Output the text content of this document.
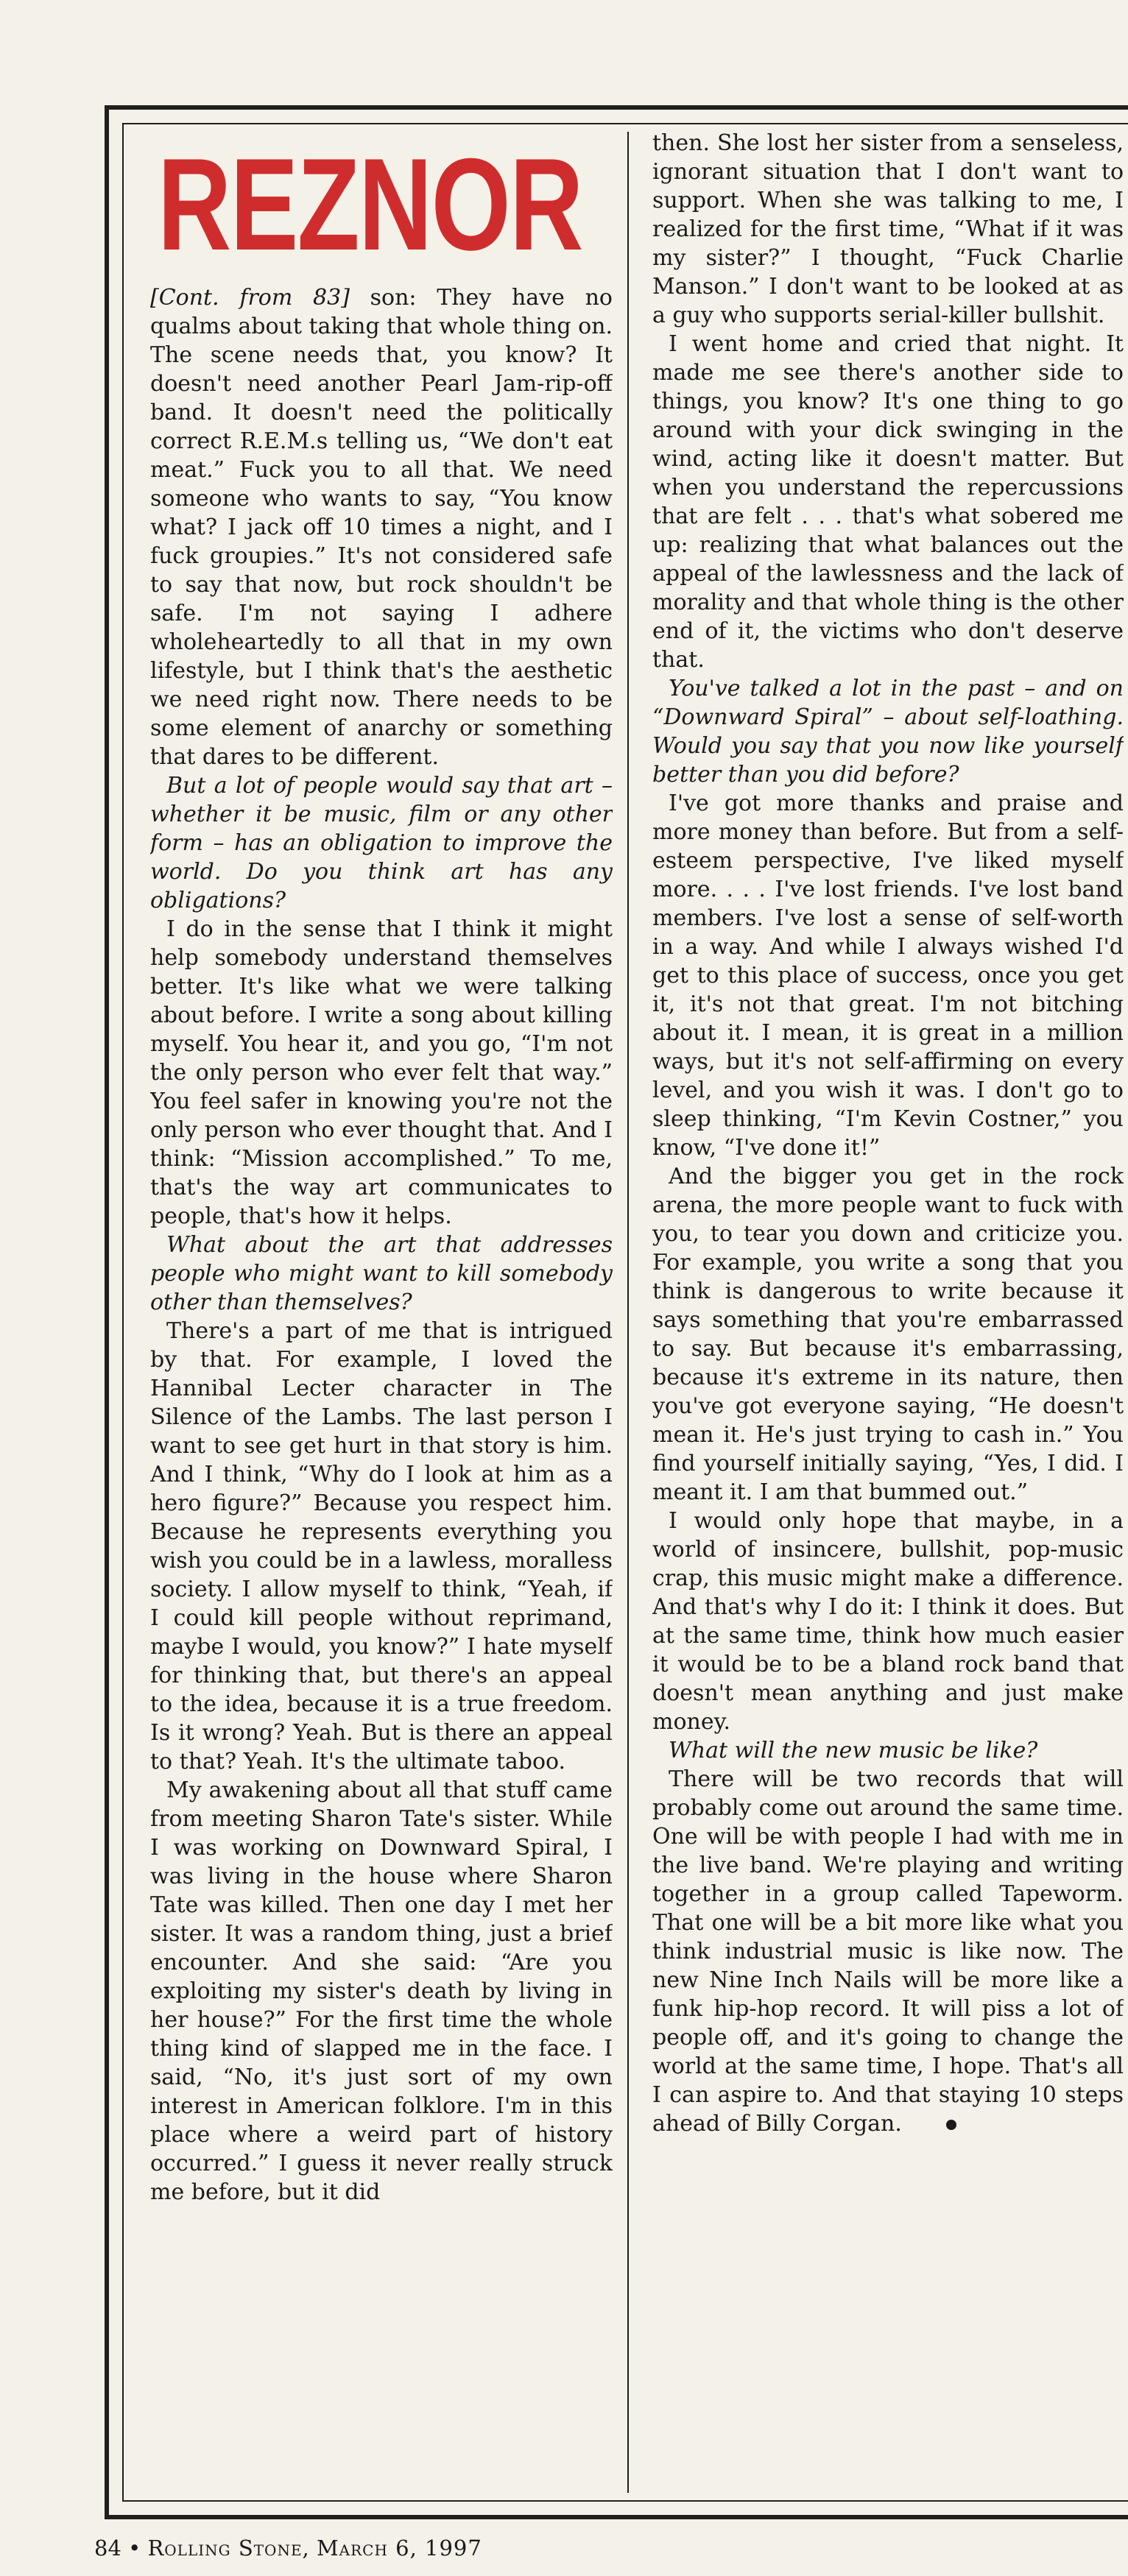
REZNOR

[Cont. from 83] son: They have no qualms about taking that whole thing on. The scene needs that, you know? It doesn't need another Pearl Jam-rip-off band. It doesn't need the politically correct R.E.M.s telling us, “We don't eat meat.” Fuck you to all that. We need someone who wants to say, “You know what? I jack off 10 times a night, and I fuck groupies.” It's not considered safe to say that now, but rock shouldn't be safe. I'm not saying I adhere wholeheartedly to all that in my own lifestyle, but I think that's the aesthetic we need right now. There needs to be some element of anarchy or something that dares to be different.

But a lot of people would say that art – whether it be music, film or any other form – has an obligation to improve the world. Do you think art has any obligations?

I do in the sense that I think it might help somebody understand themselves better. It's like what we were talking about before. I write a song about killing myself. You hear it, and you go, “I'm not the only person who ever felt that way.” You feel safer in knowing you're not the only person who ever thought that. And I think: “Mission accomplished.” To me, that's the way art communicates to people, that's how it helps.

What about the art that addresses people who might want to kill somebody other than themselves?

There's a part of me that is intrigued by that. For example, I loved the Hannibal Lecter character in The Silence of the Lambs. The last person I want to see get hurt in that story is him. And I think, “Why do I look at him as a hero figure?” Because you respect him. Because he represents everything you wish you could be in a lawless, moralless society. I allow myself to think, “Yeah, if I could kill people without reprimand, maybe I would, you know?” I hate myself for thinking that, but there's an appeal to the idea, because it is a true freedom. Is it wrong? Yeah. But is there an appeal to that? Yeah. It's the ultimate taboo.

My awakening about all that stuff came from meeting Sharon Tate's sister. While I was working on Downward Spiral, I was living in the house where Sharon Tate was killed. Then one day I met her sister. It was a random thing, just a brief encounter. And she said: “Are you exploiting my sister's death by living in her house?” For the first time the whole thing kind of slapped me in the face. I said, “No, it's just sort of my own interest in American folklore. I'm in this place where a weird part of history occurred.” I guess it never really struck me before, but it did

then. She lost her sister from a senseless, ignorant situation that I don't want to support. When she was talking to me, I realized for the first time, “What if it was my sister?” I thought, “Fuck Charlie Manson.” I don't want to be looked at as a guy who supports serial-killer bullshit.

I went home and cried that night. It made me see there's another side to things, you know? It's one thing to go around with your dick swinging in the wind, acting like it doesn't matter. But when you understand the repercussions that are felt . . . that's what sobered me up: realizing that what balances out the appeal of the lawlessness and the lack of morality and that whole thing is the other end of it, the victims who don't deserve that.

You've talked a lot in the past – and on “Downward Spiral” – about self-loathing. Would you say that you now like yourself better than you did before?

I've got more thanks and praise and more money than before. But from a self-esteem perspective, I've liked myself more. . . . I've lost friends. I've lost band members. I've lost a sense of self-worth in a way. And while I always wished I'd get to this place of success, once you get it, it's not that great. I'm not bitching about it. I mean, it is great in a million ways, but it's not self-affirming on every level, and you wish it was. I don't go to sleep thinking, “I'm Kevin Costner,” you know, “I've done it!”

And the bigger you get in the rock arena, the more people want to fuck with you, to tear you down and criticize you. For example, you write a song that you think is dangerous to write because it says something that you're embarrassed to say. But because it's embarrassing, because it's extreme in its nature, then you've got everyone saying, “He doesn't mean it. He's just trying to cash in.” You find yourself initially saying, “Yes, I did. I meant it. I am that bummed out.”

I would only hope that maybe, in a world of insincere, bullshit, pop-music crap, this music might make a difference. And that's why I do it: I think it does. But at the same time, think how much easier it would be to be a bland rock band that doesn't mean anything and just make money.

What will the new music be like?

There will be two records that will probably come out around the same time. One will be with people I had with me in the live band. We're playing and writing together in a group called Tapeworm. That one will be a bit more like what you think industrial music is like now. The new Nine Inch Nails will be more like a funk hip-hop record. It will piss a lot of people off, and it's going to change the world at the same time, I hope. That's all I can aspire to. And that staying 10 steps ahead of Billy Corgan.

84 • Rolling Stone, March 6, 1997
